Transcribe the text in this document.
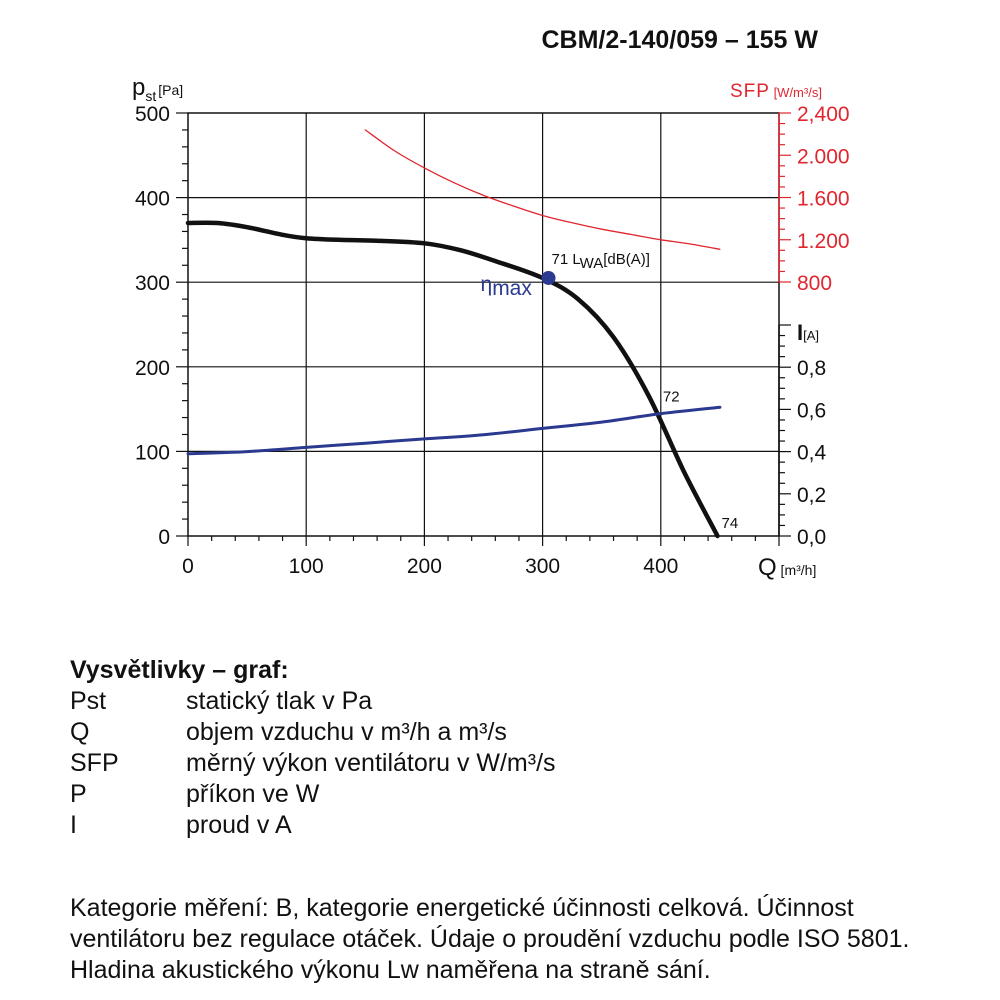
CBM/2-140/059 – 155 W
0
100
200
300
400
500
0	100	200	300	400
$p_{st}$ [Pa]
Q [m³/h]
800
1.200
1.600
2.000
2,400
SFP [W/m³/s]
0,0
0,2
0,4
0,6
0,8
I[A]
ηmax
71 LWA[dB(A)]
72
74
Vysvětlivky – graf:
Pst	statický tlak v Pa
Q	objem vzduchu v m³/h a m³/s
SFP	měrný výkon ventilátoru v W/m³/s
P	příkon ve W
I	proud v A
Kategorie měření: B, kategorie energetické účinnosti celková. Účinnost ventilátoru bez regulace otáček. Údaje o proudění vzduchu podle ISO 5801. Hladina akustického výkonu Lw naměřena na straně sání.
